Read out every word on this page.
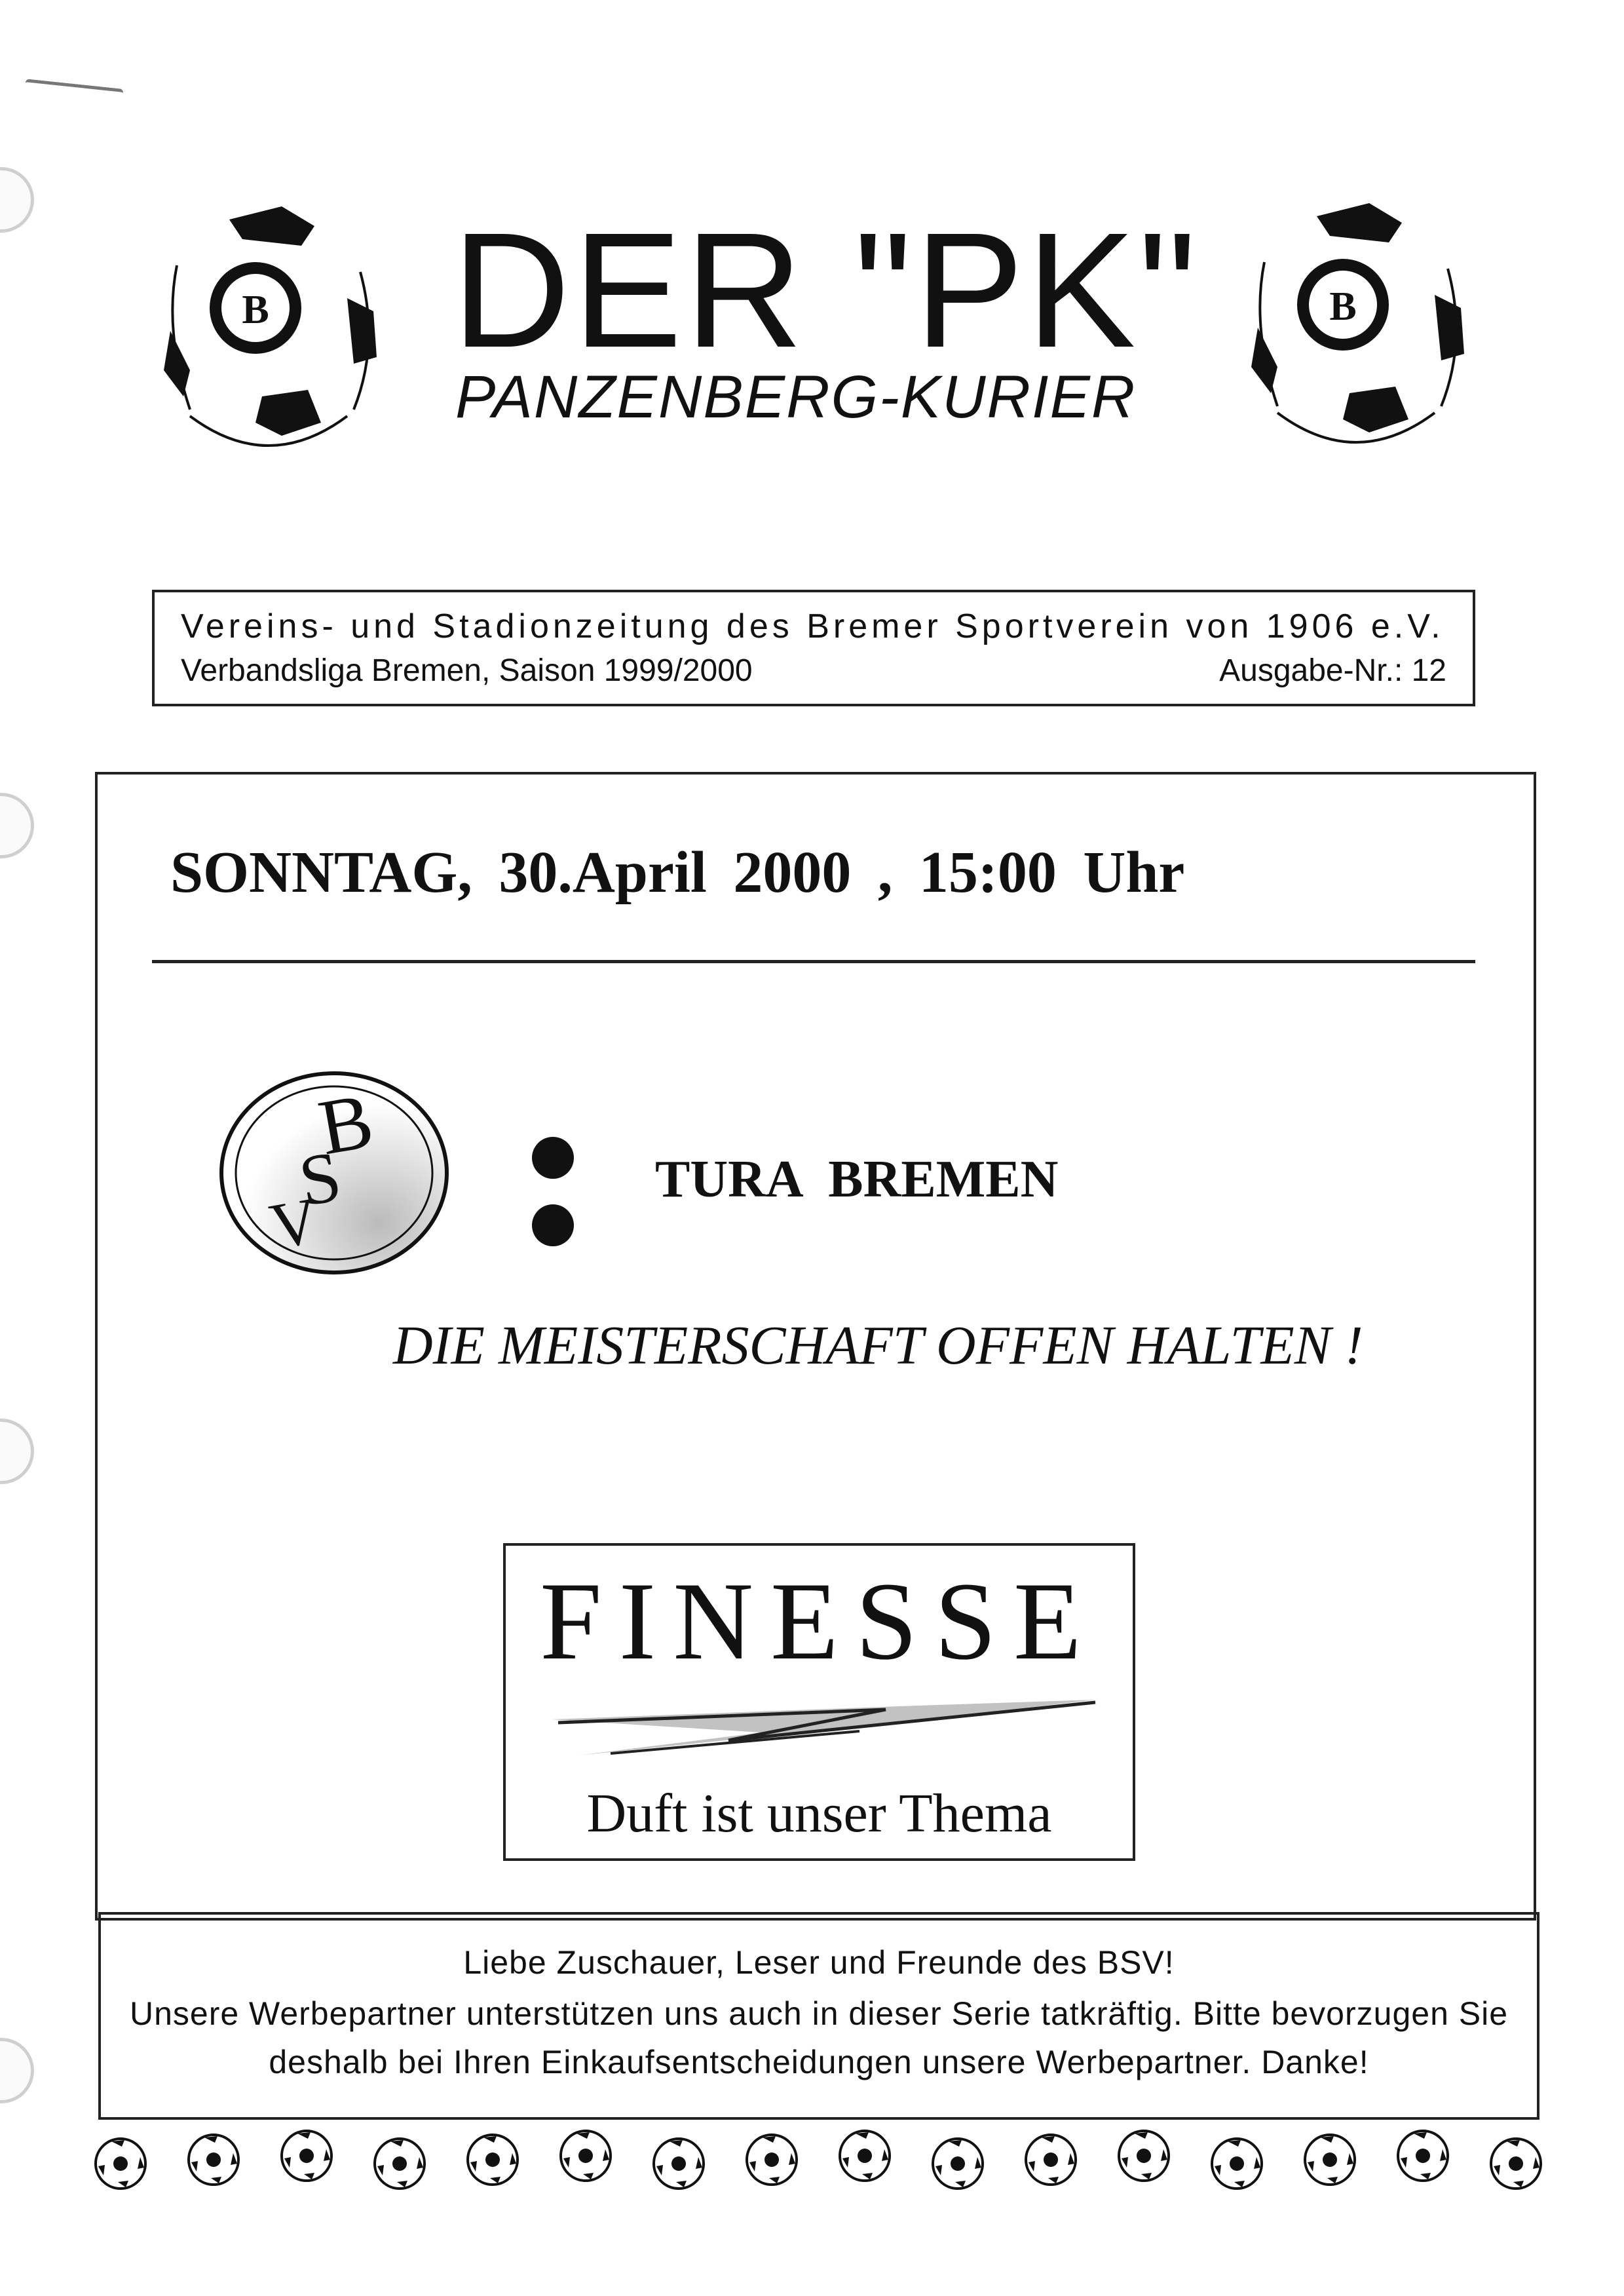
B	B
DER "PK"
PANZENBERG-KURIER
Vereins- und Stadionzeitung des Bremer Sportverein von 1906 e.V.
Verbandsliga Bremen, Saison 1999/2000	Ausgabe-Nr.: 12
SONNTAG, 30.April 2000 , 15:00 Uhr
B
S
V
TURA BREMEN
DIE MEISTERSCHAFT OFFEN HALTEN !
FINESSE
Duft ist unser Thema
Liebe Zuschauer, Leser und Freunde des BSV!
Unsere Werbepartner unterstützen uns auch in dieser Serie tatkräftig. Bitte bevorzugen Sie
deshalb bei Ihren Einkaufsentscheidungen unsere Werbepartner. Danke!
